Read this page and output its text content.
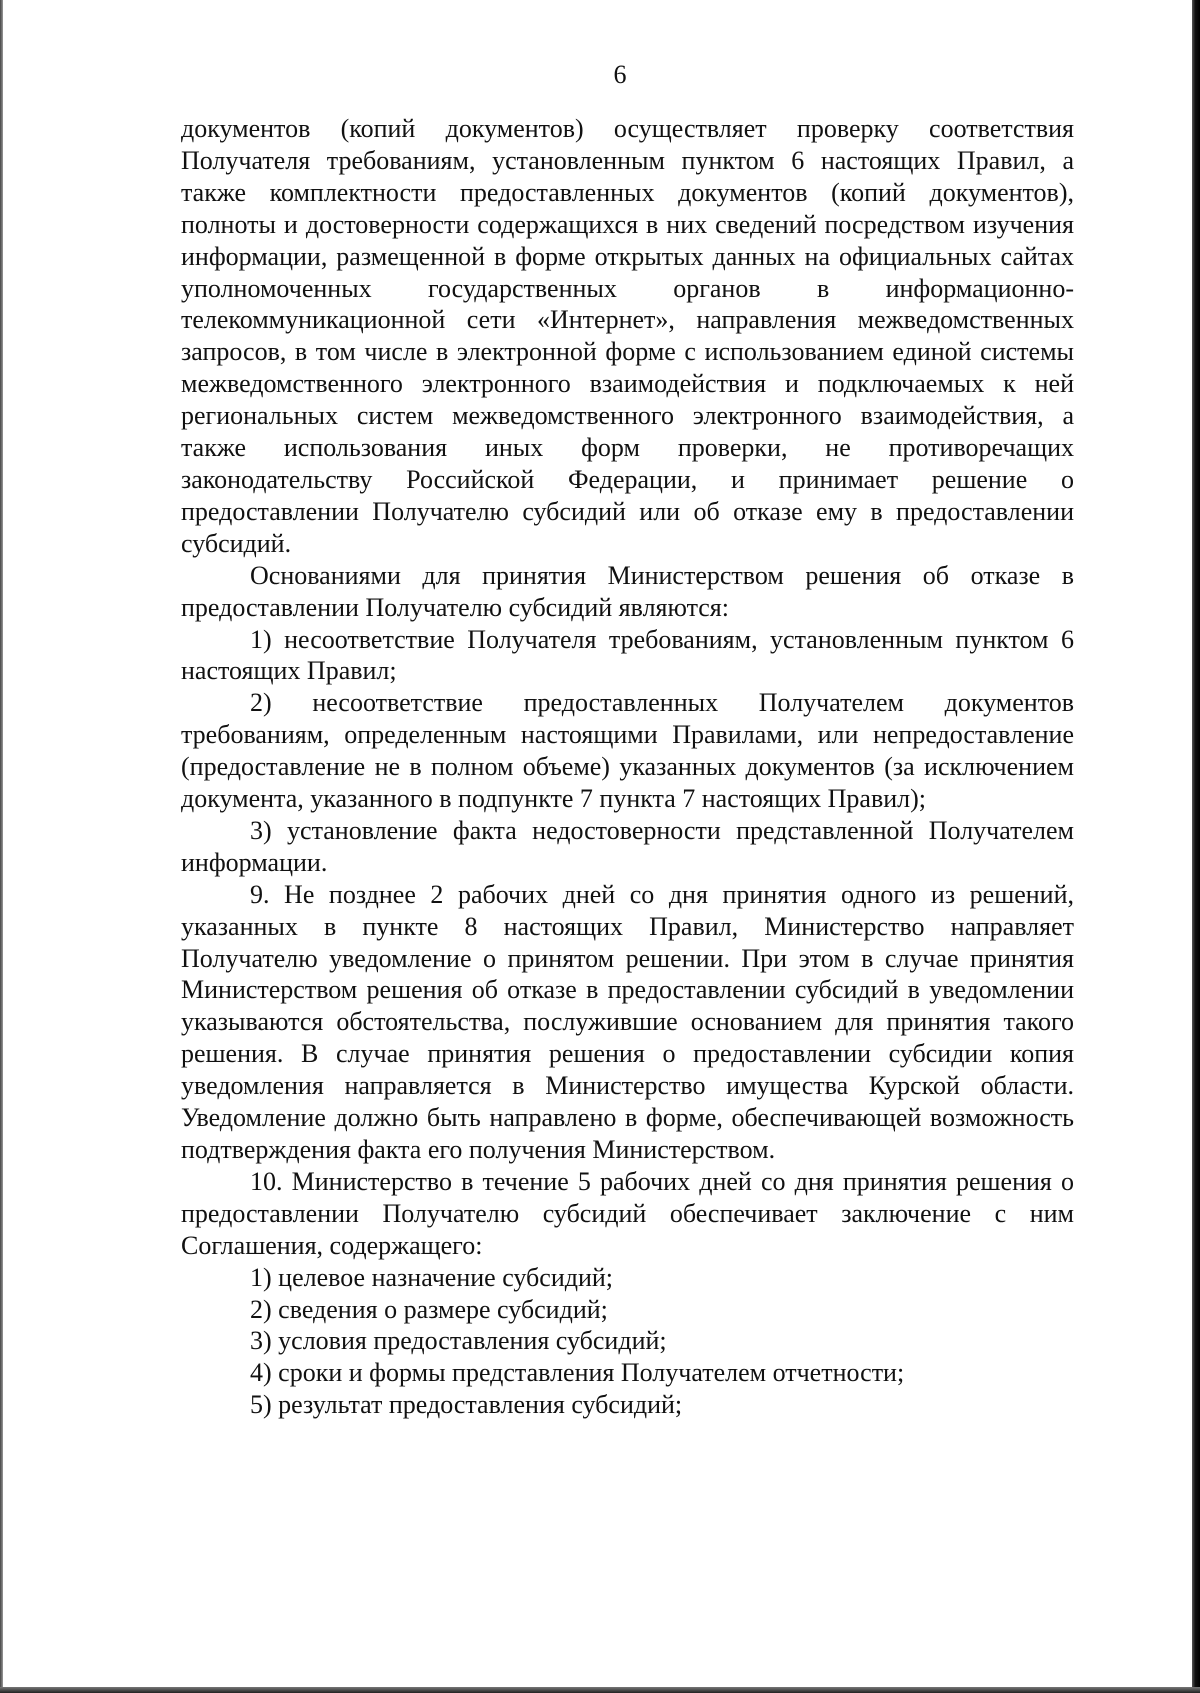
6

документов (копий документов) осуществляет проверку соответствия Получателя требованиям, установленным пунктом 6 настоящих Правил, а также комплектности предоставленных документов (копий документов), полноты и достоверности содержащихся в них сведений посредством изучения информации, размещенной в форме открытых данных на официальных сайтах уполномоченных государственных органов в информационно-телекоммуникационной сети «Интернет», направления межведомственных запросов, в том числе в электронной форме с использованием единой системы межведомственного электронного взаимодействия и подключаемых к ней региональных систем межведомственного электронного взаимодействия, а также использования иных форм проверки, не противоречащих законодательству Российской Федерации, и принимает решение о предоставлении Получателю субсидий или об отказе ему в предоставлении субсидий.

Основаниями для принятия Министерством решения об отказе в предоставлении Получателю субсидий являются:

1) несоответствие Получателя требованиям, установленным пунктом 6 настоящих Правил;

2) несоответствие предоставленных Получателем документов требованиям, определенным настоящими Правилами, или непредоставление (предоставление не в полном объеме) указанных документов (за исключением документа, указанного в подпункте 7 пункта 7 настоящих Правил);

3) установление факта недостоверности представленной Получателем информации.

9. Не позднее 2 рабочих дней со дня принятия одного из решений, указанных в пункте 8 настоящих Правил, Министерство направляет Получателю уведомление о принятом решении. При этом в случае принятия Министерством решения об отказе в предоставлении субсидий в уведомлении указываются обстоятельства, послужившие основанием для принятия такого решения. В случае принятия решения о предоставлении субсидии копия уведомления направляется в Министерство имущества Курской области. Уведомление должно быть направлено в форме, обеспечивающей возможность подтверждения факта его получения Министерством.

10. Министерство в течение 5 рабочих дней со дня принятия решения о предоставлении Получателю субсидий обеспечивает заключение с ним Соглашения, содержащего:

1) целевое назначение субсидий;

2) сведения о размере субсидий;

3) условия предоставления субсидий;

4) сроки и формы представления Получателем отчетности;

5) результат предоставления субсидий;
